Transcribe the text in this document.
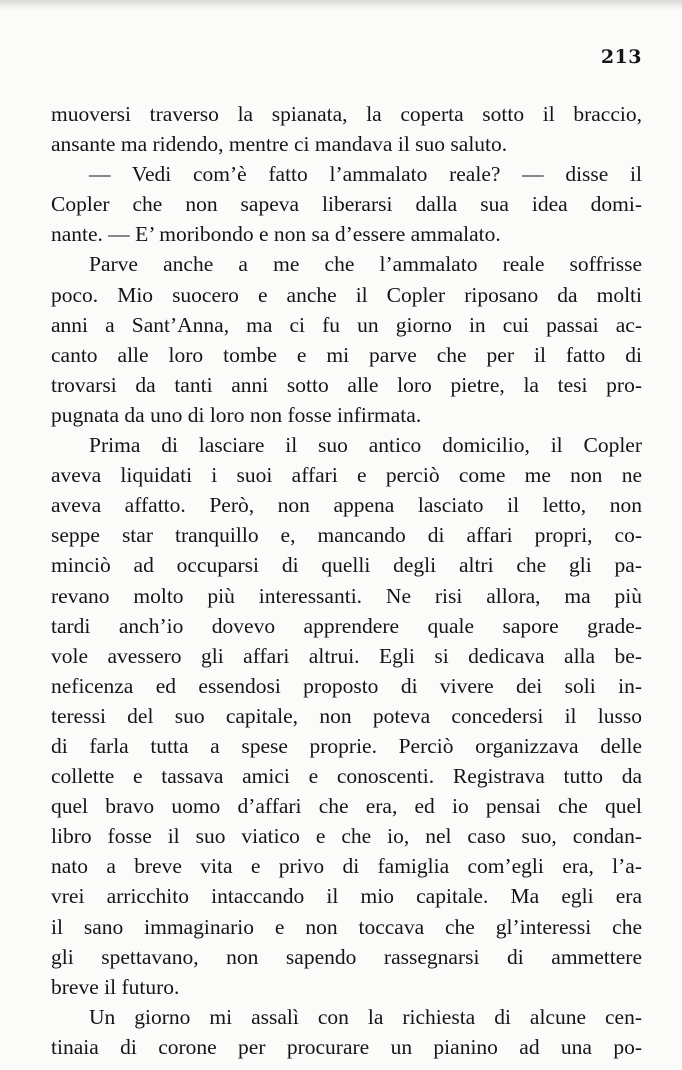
213
muoversi traverso la spianata, la coperta sotto il braccio,
ansante ma ridendo, mentre ci mandava il suo saluto.
— Vedi com’è fatto l’ammalato reale? — disse il
Copler che non sapeva liberarsi dalla sua idea domi-
nante. — E’ moribondo e non sa d’essere ammalato.
Parve anche a me che l’ammalato reale soffrisse
poco. Mio suocero e anche il Copler riposano da molti
anni a Sant’Anna, ma ci fu un giorno in cui passai ac-
canto alle loro tombe e mi parve che per il fatto di
trovarsi da tanti anni sotto alle loro pietre, la tesi pro-
pugnata da uno di loro non fosse infirmata.
Prima di lasciare il suo antico domicilio, il Copler
aveva liquidati i suoi affari e perciò come me non ne
aveva affatto. Però, non appena lasciato il letto, non
seppe star tranquillo e, mancando di affari propri, co-
minciò ad occuparsi di quelli degli altri che gli pa-
revano molto più interessanti. Ne risi allora, ma più
tardi anch’io dovevo apprendere quale sapore grade-
vole avessero gli affari altrui. Egli si dedicava alla be-
neficenza ed essendosi proposto di vivere dei soli in-
teressi del suo capitale, non poteva concedersi il lusso
di farla tutta a spese proprie. Perciò organizzava delle
collette e tassava amici e conoscenti. Registrava tutto da
quel bravo uomo d’affari che era, ed io pensai che quel
libro fosse il suo viatico e che io, nel caso suo, condan-
nato a breve vita e privo di famiglia com’egli era, l’a-
vrei arricchito intaccando il mio capitale. Ma egli era
il sano immaginario e non toccava che gl’interessi che
gli spettavano, non sapendo rassegnarsi di ammettere
breve il futuro.
Un giorno mi assalì con la richiesta di alcune cen-
tinaia di corone per procurare un pianino ad una po-
